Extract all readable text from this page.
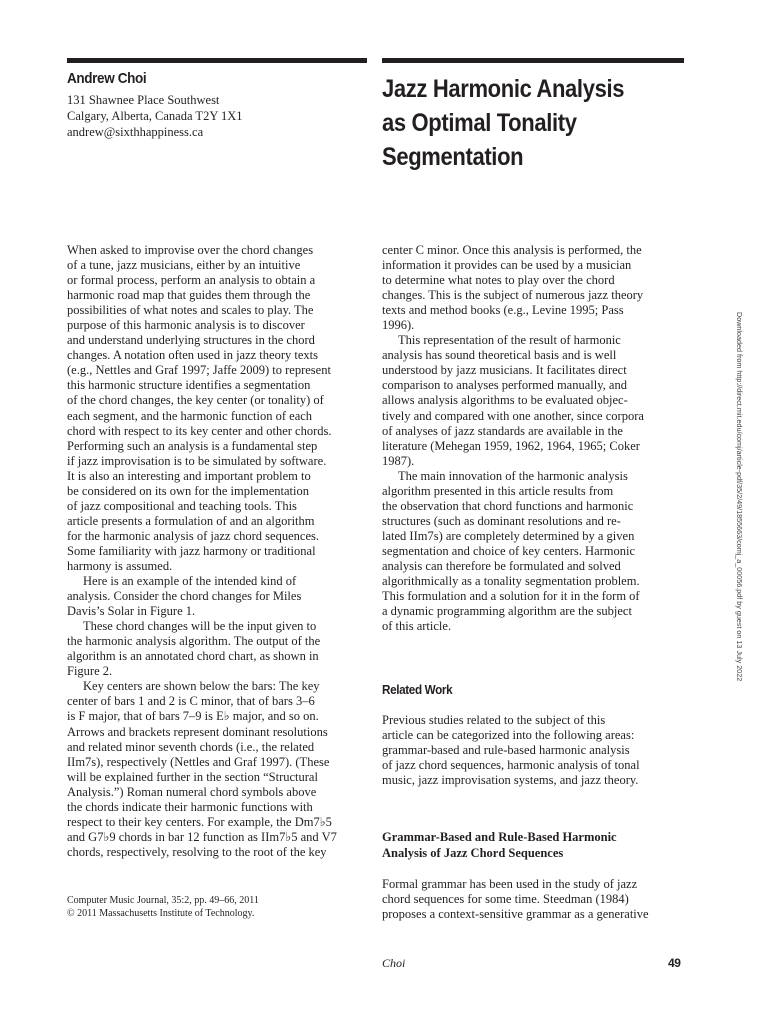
Andrew Choi
131 Shawnee Place Southwest
Calgary, Alberta, Canada T2Y 1X1
andrew@sixthhappiness.ca
Jazz Harmonic Analysis
as Optimal Tonality
Segmentation
When asked to improvise over the chord changes
of a tune, jazz musicians, either by an intuitive
or formal process, perform an analysis to obtain a
harmonic road map that guides them through the
possibilities of what notes and scales to play. The
purpose of this harmonic analysis is to discover
and understand underlying structures in the chord
changes. A notation often used in jazz theory texts
(e.g., Nettles and Graf 1997; Jaffe 2009) to represent
this harmonic structure identifies a segmentation
of the chord changes, the key center (or tonality) of
each segment, and the harmonic function of each
chord with respect to its key center and other chords.
Performing such an analysis is a fundamental step
if jazz improvisation is to be simulated by software.
It is also an interesting and important problem to
be considered on its own for the implementation
of jazz compositional and teaching tools. This
article presents a formulation of and an algorithm
for the harmonic analysis of jazz chord sequences.
Some familiarity with jazz harmony or traditional
harmony is assumed.
Here is an example of the intended kind of
analysis. Consider the chord changes for Miles
Davis’s Solar in Figure 1.
These chord changes will be the input given to
the harmonic analysis algorithm. The output of the
algorithm is an annotated chord chart, as shown in
Figure 2.
Key centers are shown below the bars: The key
center of bars 1 and 2 is C minor, that of bars 3–6
is F major, that of bars 7–9 is E♭ major, and so on.
Arrows and brackets represent dominant resolutions
and related minor seventh chords (i.e., the related
IIm7s), respectively (Nettles and Graf 1997). (These
will be explained further in the section “Structural
Analysis.”) Roman numeral chord symbols above
the chords indicate their harmonic functions with
respect to their key centers. For example, the Dm7♭5
and G7♭9 chords in bar 12 function as IIm7♭5 and V7
chords, respectively, resolving to the root of the key
center C minor. Once this analysis is performed, the
information it provides can be used by a musician
to determine what notes to play over the chord
changes. This is the subject of numerous jazz theory
texts and method books (e.g., Levine 1995; Pass
1996).
This representation of the result of harmonic
analysis has sound theoretical basis and is well
understood by jazz musicians. It facilitates direct
comparison to analyses performed manually, and
allows analysis algorithms to be evaluated objec-
tively and compared with one another, since corpora
of analyses of jazz standards are available in the
literature (Mehegan 1959, 1962, 1964, 1965; Coker
1987).
The main innovation of the harmonic analysis
algorithm presented in this article results from
the observation that chord functions and harmonic
structures (such as dominant resolutions and re-
lated IIm7s) are completely determined by a given
segmentation and choice of key centers. Harmonic
analysis can therefore be formulated and solved
algorithmically as a tonality segmentation problem.
This formulation and a solution for it in the form of
a dynamic programming algorithm are the subject
of this article.
Related Work
Previous studies related to the subject of this
article can be categorized into the following areas:
grammar-based and rule-based harmonic analysis
of jazz chord sequences, harmonic analysis of tonal
music, jazz improvisation systems, and jazz theory.
Grammar-Based and Rule-Based Harmonic
Analysis of Jazz Chord Sequences
Formal grammar has been used in the study of jazz
chord sequences for some time. Steedman (1984)
proposes a context-sensitive grammar as a generative
Computer Music Journal, 35:2, pp. 49–66, 2011
© 2011 Massachusetts Institute of Technology.
Choi	49
Downloaded from http://direct.mit.edu/comj/article-pdf/35/2/49/1855663/comj_a_00056.pdf by guest on 13 July 2022
